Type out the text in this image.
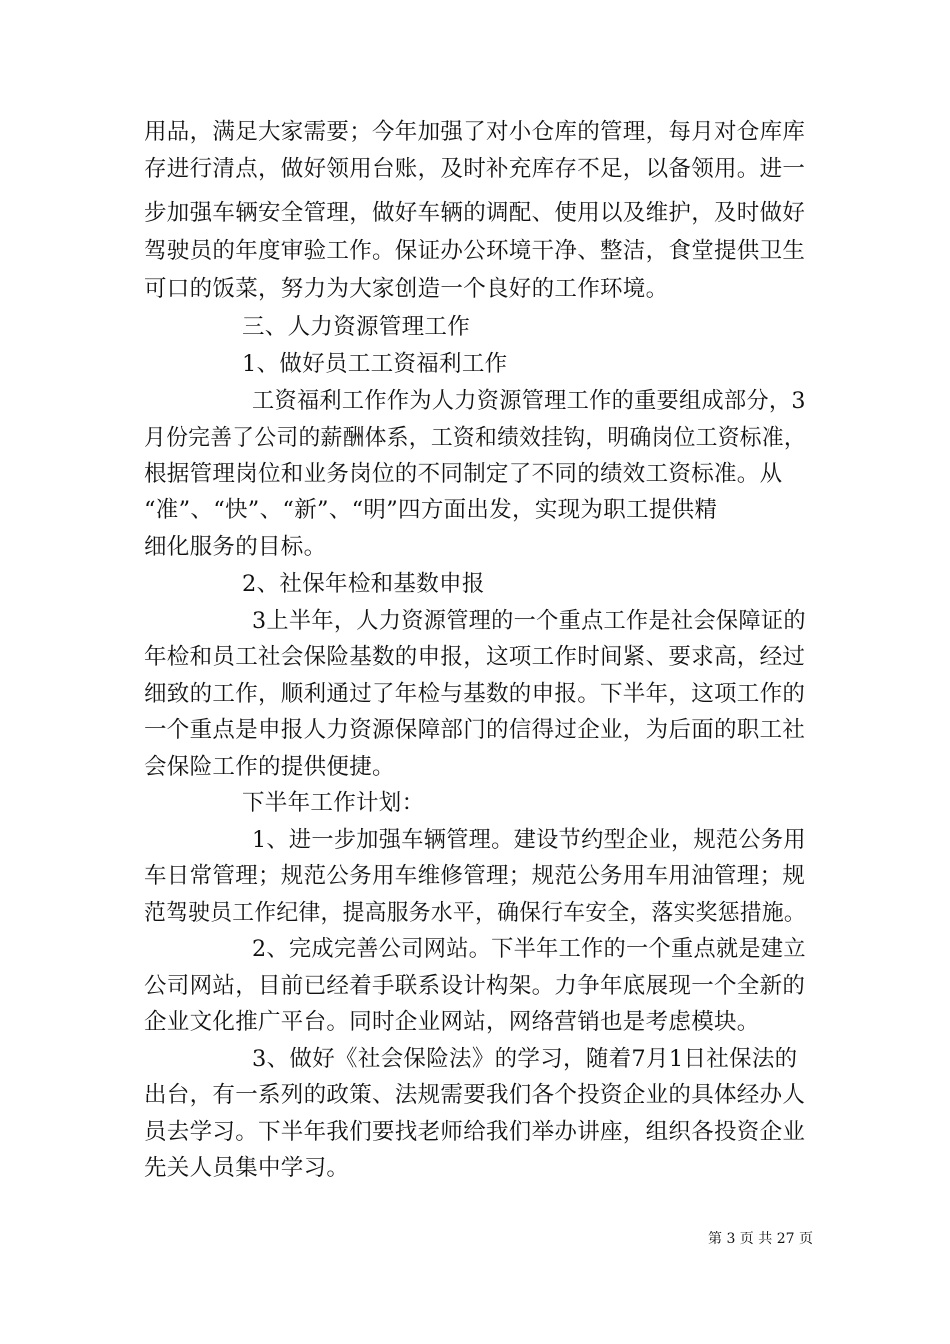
用品，满足大家需要；今年加强了对小仓库的管理，每月对仓库库
存进行清点，做好领用台账，及时补充库存不足，以备领用。进一
步加强车辆安全管理，做好车辆的调配、使用以及维护，及时做好
驾驶员的年度审验工作。保证办公环境干净、整洁，食堂提供卫生
可口的饭菜，努力为大家创造一个良好的工作环境。
三、人力资源管理工作
1、做好员工工资福利工作
工资福利工作作为人力资源管理工作的重要组成部分，3
月份完善了公司的薪酬体系，工资和绩效挂钩，明确岗位工资标准，
根据管理岗位和业务岗位的不同制定了不同的绩效工资标准。从
“准”、“快”、“新”、“明”四方面出发，实现为职工提供精
细化服务的目标。
2、社保年检和基数申报
3上半年，人力资源管理的一个重点工作是社会保障证的
年检和员工社会保险基数的申报，这项工作时间紧、要求高，经过
细致的工作，顺利通过了年检与基数的申报。下半年，这项工作的
一个重点是申报人力资源保障部门的信得过企业，为后面的职工社
会保险工作的提供便捷。
下半年工作计划：
1、进一步加强车辆管理。建设节约型企业，规范公务用
车日常管理；规范公务用车维修管理；规范公务用车用油管理；规
范驾驶员工作纪律，提高服务水平，确保行车安全，落实奖惩措施。
2、完成完善公司网站。下半年工作的一个重点就是建立
公司网站，目前已经着手联系设计构架。力争年底展现一个全新的
企业文化推广平台。同时企业网站，网络营销也是考虑模块。
3、做好《社会保险法》的学习，随着7月1日社保法的
出台，有一系列的政策、法规需要我们各个投资企业的具体经办人
员去学习。下半年我们要找老师给我们举办讲座，组织各投资企业
先关人员集中学习。
第 3 页 共 27 页
